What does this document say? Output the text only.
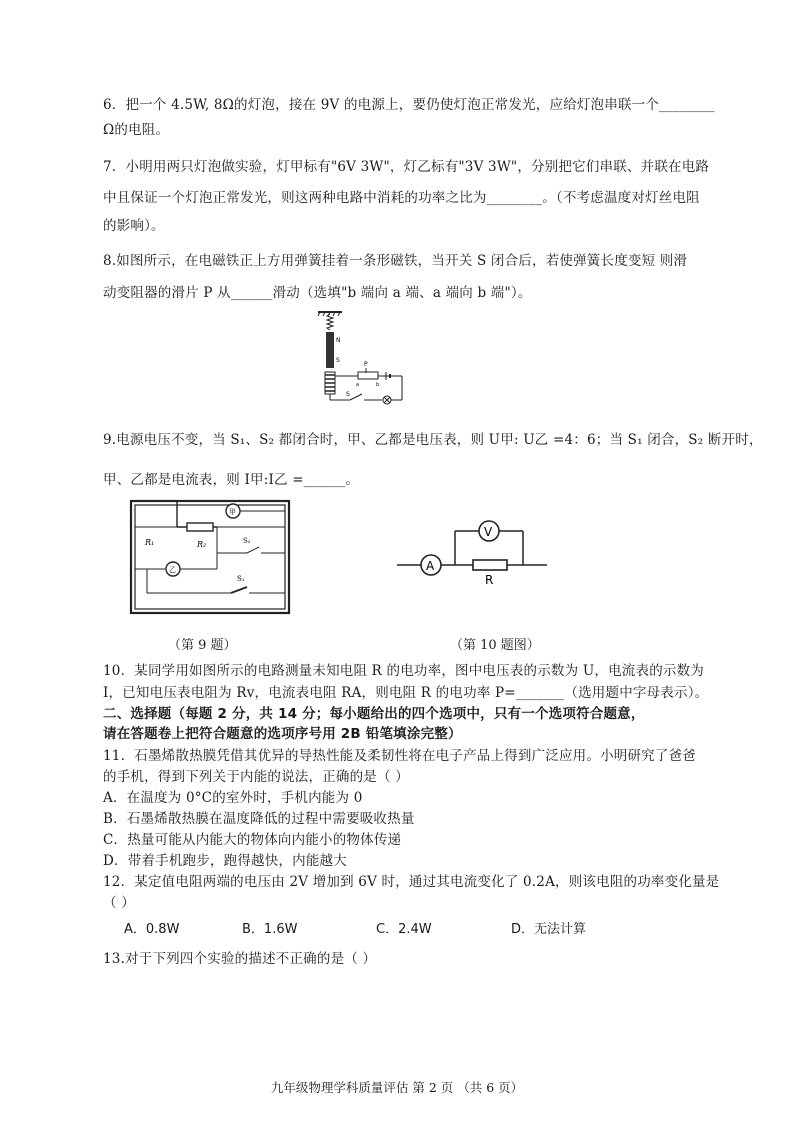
6．把一个 4.5W, 8Ω的灯泡，接在 9V 的电源上，要仍使灯泡正常发光，应给灯泡串联一个________
Ω的电阻。
7．小明用两只灯泡做实验，灯甲标有"6V 3W"，灯乙标有"3V 3W"，分别把它们串联、并联在电路
中且保证一个灯泡正常发光，则这两种电路中消耗的功率之比为________。（不考虑温度对灯丝电阻
的影响）。
8.如图所示，在电磁铁正上方用弹簧挂着一条形磁铁，当开关 S 闭合后，若使弹簧长度变短 则滑
动变阻器的滑片 P 从______滑动（选填"b 端向 a 端、a 端向 b 端"）。
N
S
P
a	b
S
9.电源电压不变，当 S₁、S₂ 都闭合时，甲、乙都是电压表，则 U甲: U乙 =4：6；当 S₁ 闭合，S₂ 断开时，
甲、乙都是电流表，则 I甲:I乙 =______。
甲
R₁	R₂	S₂
乙
S₁
（第 9 题）
A
V
R
（第 10 题图）
10．某同学用如图所示的电路测量未知电阻 R 的电功率，图中电压表的示数为 U，电流表的示数为
I，已知电压表电阻为 Rv，电流表电阻 RA，则电阻 R 的电功率 P=_______（选用题中字母表示）。
二、选择题（每题 2 分，共 14 分；每小题给出的四个选项中，只有一个选项符合题意，
请在答题卷上把符合题意的选项序号用 2B 铅笔填涂完整）
11．石墨烯散热膜凭借其优异的导热性能及柔韧性将在电子产品上得到广泛应用。小明研究了爸爸
的手机，得到下列关于内能的说法，正确的是（ ）
A．在温度为 0°C的室外时，手机内能为 0
B．石墨烯散热膜在温度降低的过程中需要吸收热量
C．热量可能从内能大的物体向内能小的物体传递
D．带着手机跑步，跑得越快，内能越大
12．某定值电阻两端的电压由 2V 增加到 6V 时，通过其电流变化了 0.2A，则该电阻的功率变化量是
（ ）
A．0.8W	B．1.6W	C．2.4W	D．无法计算
13.对于下列四个实验的描述不正确的是（ ）
九年级物理学科质量评估 第 2 页 （共 6 页）
